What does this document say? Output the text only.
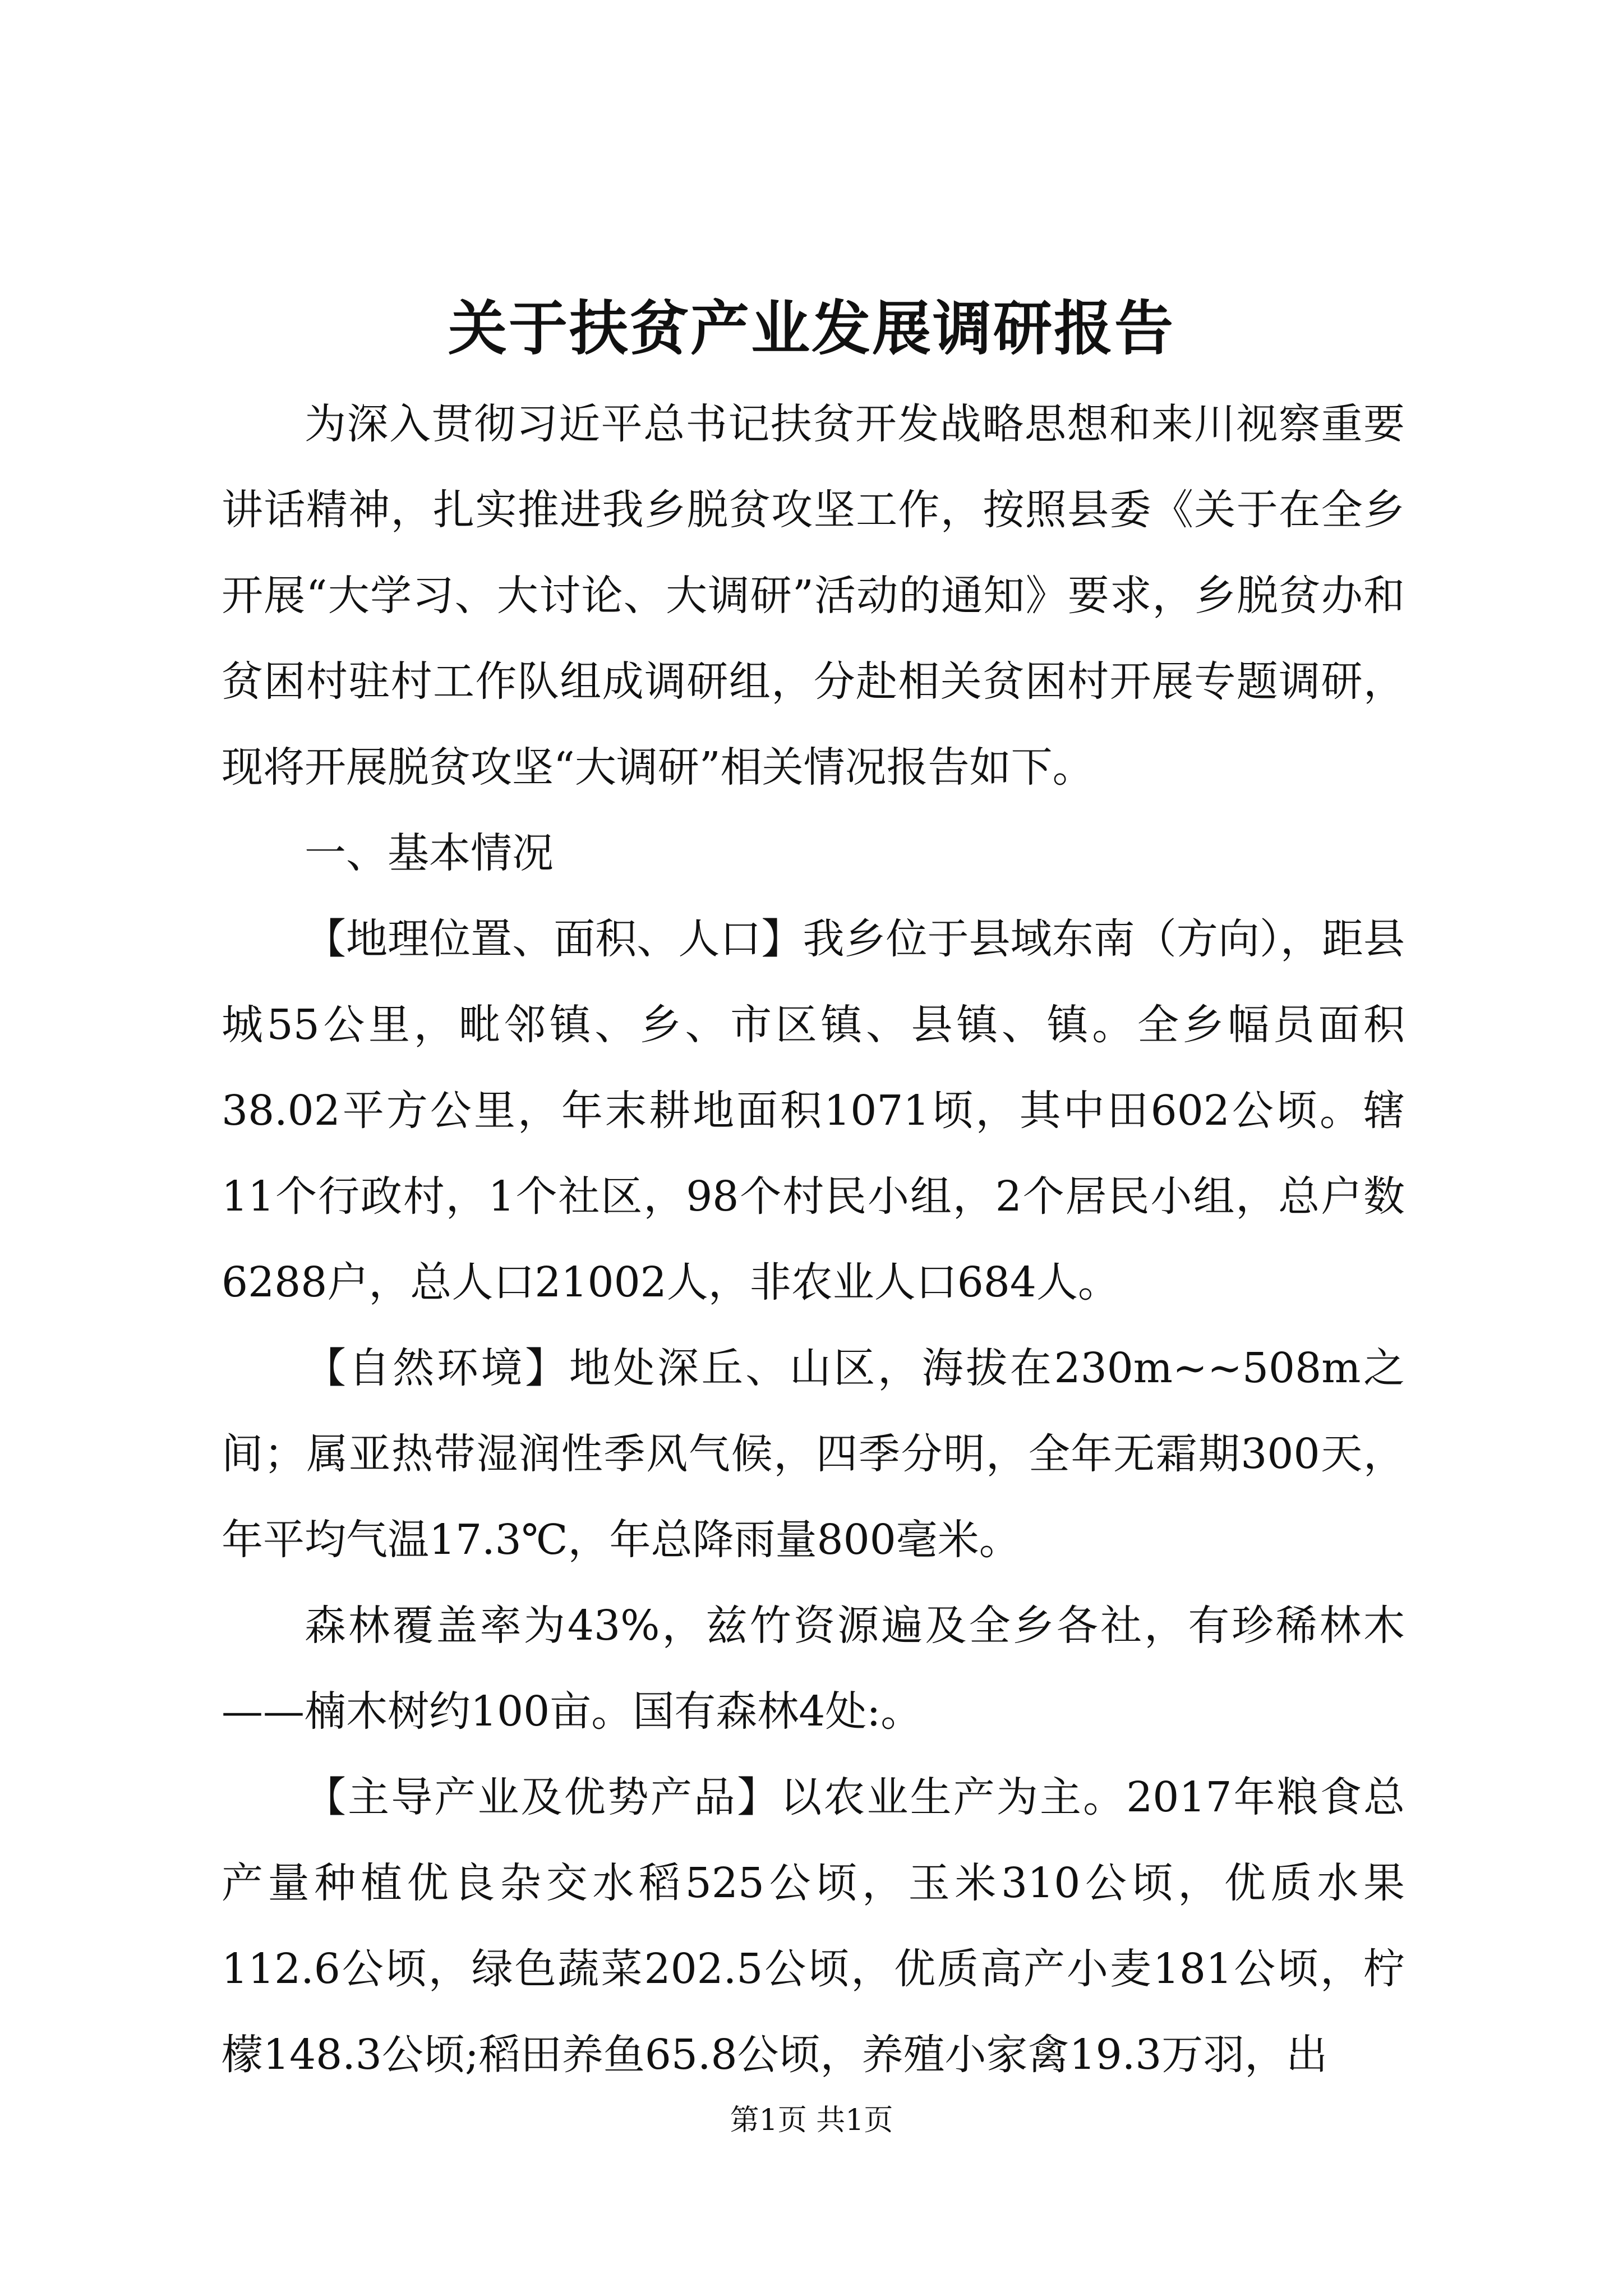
关于扶贫产业发展调研报告

为深入贯彻习近平总书记扶贫开发战略思想和来川视察重要讲话精神，扎实推进我乡脱贫攻坚工作，按照县委《关于在全乡开展“大学习、大讨论、大调研”活动的通知》要求，乡脱贫办和贫困村驻村工作队组成调研组，分赴相关贫困村开展专题调研，现将开展脱贫攻坚“大调研”相关情况报告如下。

一、基本情况

【地理位置、面积、人口】我乡位于县域东南（方向），距县城55公里，毗邻镇、乡、市区镇、县镇、镇。全乡幅员面积38.02平方公里，年末耕地面积1071顷，其中田602公顷。辖11个行政村，1个社区，98个村民小组，2个居民小组，总户数6288户，总人口21002人，非农业人口684人。

【自然环境】地处深丘、山区，海拔在230m~~508m之间；属亚热带湿润性季风气候，四季分明，全年无霜期300天，年平均气温17.3℃，年总降雨量800毫米。

森林覆盖率为43%，兹竹资源遍及全乡各社，有珍稀林木——楠木树约100亩。国有森林4处:。

【主导产业及优势产品】以农业生产为主。2017年粮食总产量种植优良杂交水稻525公顷，玉米310公顷，优质水果112.6公顷，绿色蔬菜202.5公顷，优质高产小麦181公顷，柠檬148.3公顷;稻田养鱼65.8公顷，养殖小家禽19.3万羽，出

第1页 共1页
